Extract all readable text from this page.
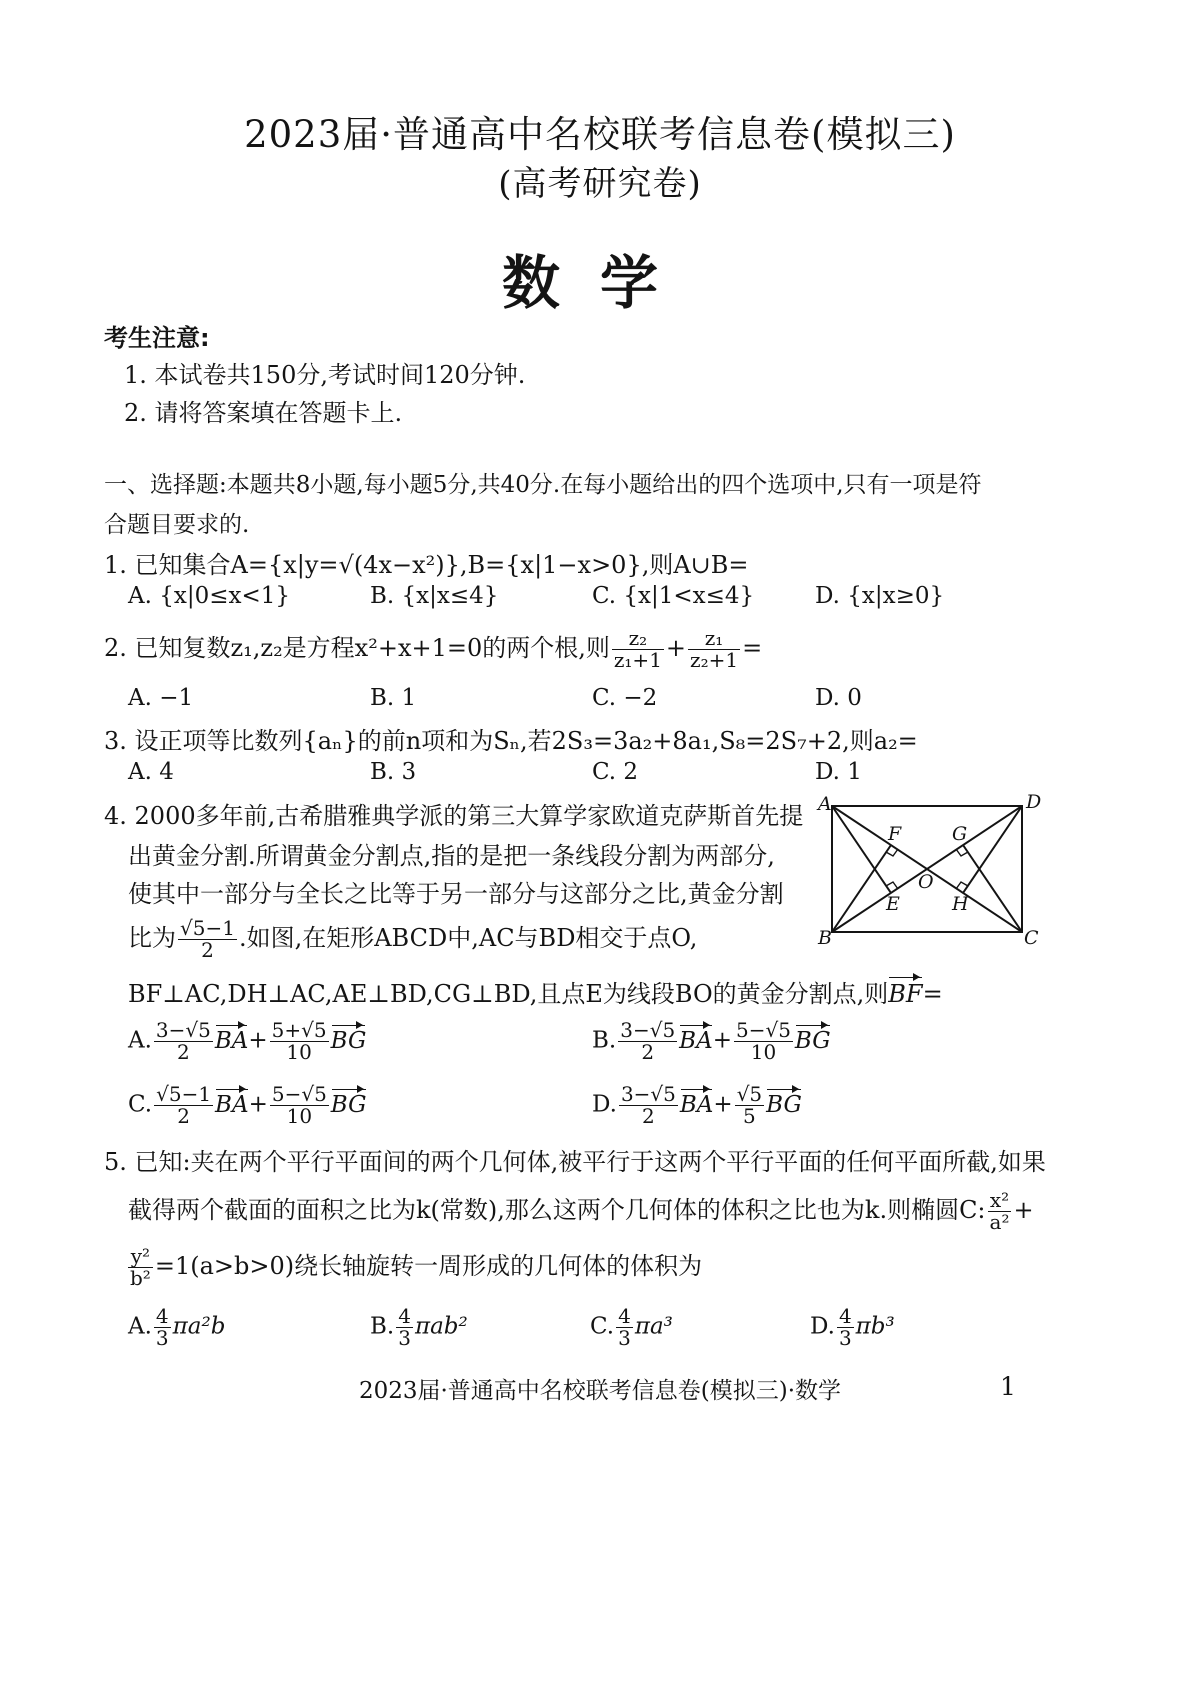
2023届·普通高中名校联考信息卷(模拟三)
(高考研究卷)
数学
考生注意:
1. 本试卷共150分,考试时间120分钟.
2. 请将答案填在答题卡上.
一、选择题:本题共8小题,每小题5分,共40分.在每小题给出的四个选项中,只有一项是符
合题目要求的.
1. 已知集合A={x|y=√(4x−x²)},B={x|1−x>0},则A∪B=
A. {x|0≤x<1}	B. {x|x≤4}	C. {x|1<x≤4}	D. {x|x≥0}
2. 已知复数z₁,z₂是方程x²+x+1=0的两个根,则 $\frac{\text{z₂}}{\text{z₁+1}} + \frac{\text{z₁}}{\text{z₂+1}}$ =
A. −1	B. 1	C. −2	D. 0
3. 设正项等比数列{aₙ}的前n项和为Sₙ,若2S₃=3a₂+8a₁,S₈=2S₇+2,则a₂=
A. 4	B. 3	C. 2	D. 1
4. 2000多年前,古希腊雅典学派的第三大算学家欧道克萨斯首先提
出黄金分割.所谓黄金分割点,指的是把一条线段分割为两部分,
使其中一部分与全长之比等于另一部分与这部分之比,黄金分割
比为 $\frac{√5-1}{2}$ .如图,在矩形ABCD中,AC与BD相交于点O,
BF⊥AC,DH⊥AC,AE⊥BD,CG⊥BD,且点E为线段BO的黄金分割点,则BF=
A	D
B	C
F	G
O
E	H
A. $\frac{3-√5}{2} BA+ \frac{5+√5}{10}$ BG	B. $\frac{3-√5}{2} BA+ \frac{5-√5}{10}$ BG
C. $\frac{√5-1}{2} BA+ \frac{5-√5}{10}$ BG	D. $\frac{3-√5}{2} BA+ \frac{√5}{5}$ BG
5. 已知:夹在两个平行平面间的两个几何体,被平行于这两个平行平面的任何平面所截,如果
截得两个截面的面积之比为k(常数),那么这两个几何体的体积之比也为k.则椭圆C: $\frac{\text{x²}}{\text{a²}}$ +
$\frac{\text{y²}}{\text{b²}} =1(a>b>0)$绕长轴旋转一周形成的几何体的体积为
A. $\frac{4}{3} \pi a^2b$	B. $\frac{4}{3} \pi ab^2$	C. $\frac{4}{3} \pi a^3$	D. $\frac{4}{3} \pi b^3$
2023届·普通高中名校联考信息卷(模拟三)·数学	1
